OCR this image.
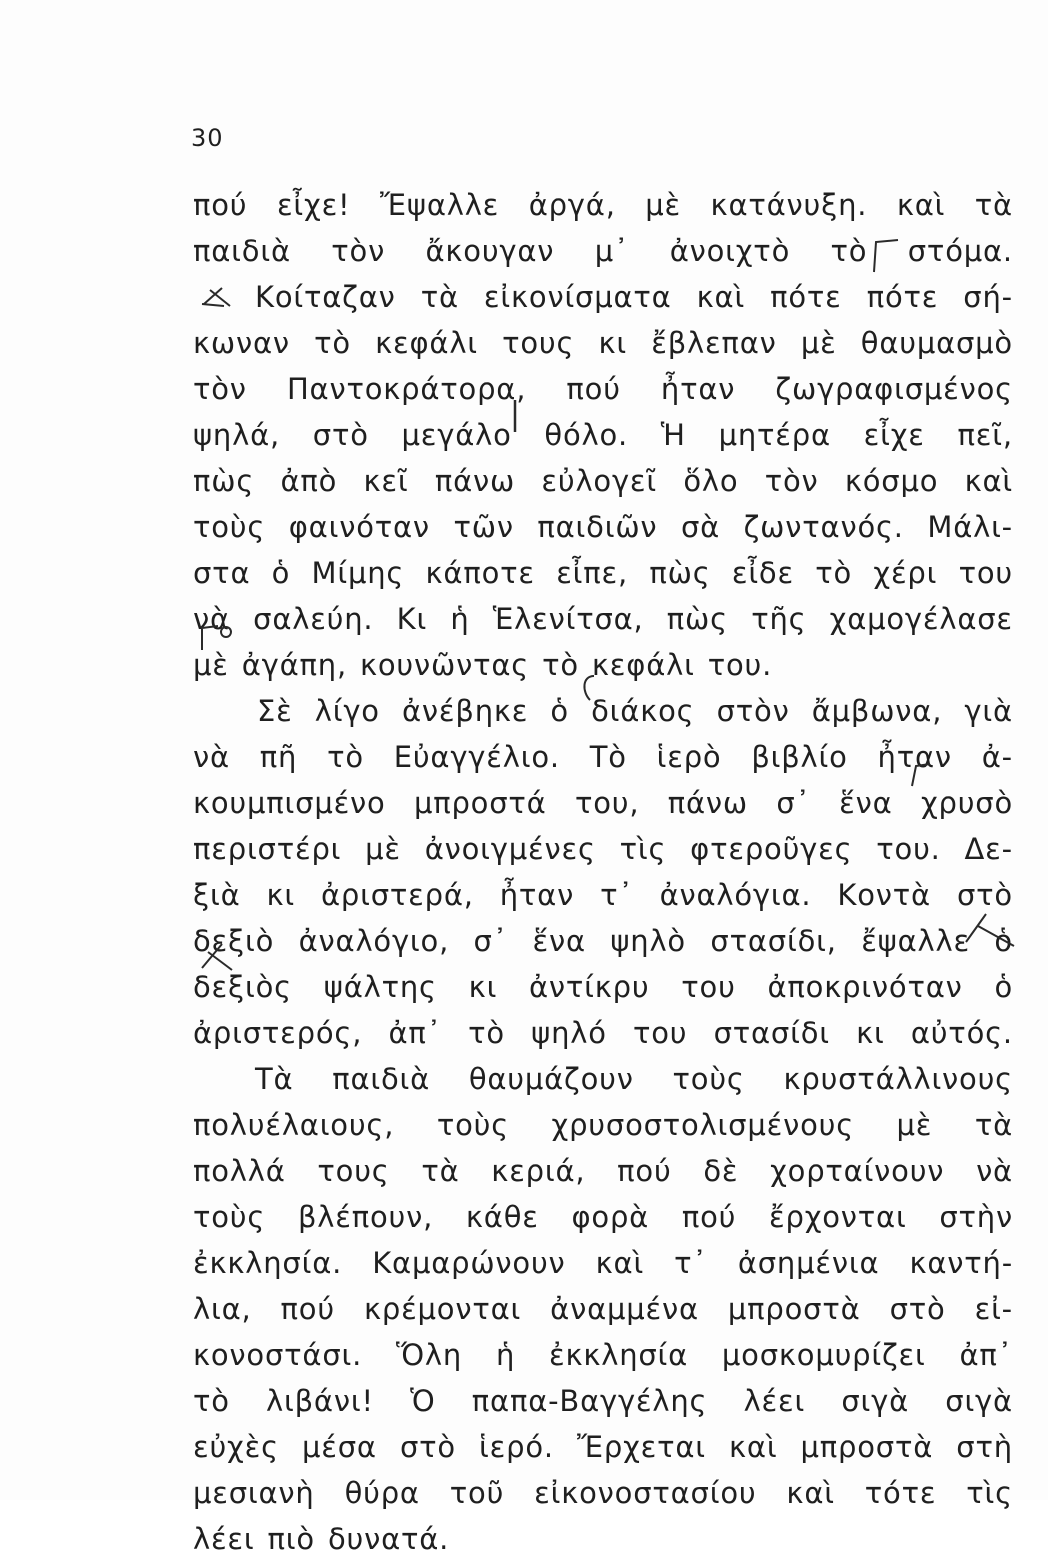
30
πού εἶχε! Ἔψαλλε ἀργά, μὲ κατάνυξη. καὶ τὰ
παιδιὰ τὸν ἄκουγαν μ᾽ ἀνοιχτὸ τὸ στόμα.
Κοίταζαν τὰ εἰκονίσματα καὶ πότε πότε σή-
κωναν τὸ κεφάλι τους κι ἔβλεπαν μὲ θαυμασμὸ
τὸν Παντοκράτορα, πού ἦταν ζωγραφισμένος
ψηλά, στὸ μεγάλο θόλο. Ἡ μητέρα εἶχε πεῖ,
πὼς ἀπὸ κεῖ πάνω εὐλογεῖ ὅλο τὸν κόσμο καὶ
τοὺς φαινόταν τῶν παιδιῶν σὰ ζωντανός. Μάλι-
στα ὁ Μίμης κάποτε εἶπε, πὼς εἶδε τὸ χέρι του
νὰ σαλεύη. Κι ἡ Ἑλενίτσα, πὼς τῆς χαμογέλασε
μὲ ἀγάπη, κουνῶντας τὸ κεφάλι του.
Σὲ λίγο ἀνέβηκε ὁ διάκος στὸν ἄμβωνα, γιὰ
νὰ πῆ τὸ Εὐαγγέλιο. Τὸ ἱερὸ βιβλίο ἦταν ἀ-
κουμπισμένο μπροστά του, πάνω σ᾽ ἕνα χρυσὸ
περιστέρι μὲ ἀνοιγμένες τὶς φτεροῦγες του. Δε-
ξιὰ κι ἀριστερά, ἦταν τ᾽ ἀναλόγια. Κοντὰ στὸ
δεξιὸ ἀναλόγιο, σ᾽ ἕνα ψηλὸ στασίδι, ἔψαλλε ὁ
δεξιὸς ψάλτης κι ἀντίκρυ του ἀποκρινόταν ὁ
ἀριστερός, ἀπ᾽ τὸ ψηλό του στασίδι κι αὐτός.
Τὰ παιδιὰ θαυμάζουν τοὺς κρυστάλλινους
πολυέλαιους, τοὺς χρυσοστολισμένους μὲ τὰ
πολλά τους τὰ κεριά, πού δὲ χορταίνουν νὰ
τοὺς βλέπουν, κάθε φορὰ πού ἔρχονται στὴν
ἐκκλησία. Καμαρώνουν καὶ τ᾽ ἀσημένια καντή-
λια, πού κρέμονται ἀναμμένα μπροστὰ στὸ εἰ-
κονοστάσι. Ὅλη ἡ ἐκκλησία μοσκομυρίζει ἀπ᾽
τὸ λιβάνι! Ὁ παπα-Βαγγέλης λέει σιγὰ σιγὰ
εὐχὲς μέσα στὸ ἱερό. Ἔρχεται καὶ μπροστὰ στὴ
μεσιανὴ θύρα τοῦ εἰκονοστασίου καὶ τότε τὶς
λέει πιὸ δυνατά.
